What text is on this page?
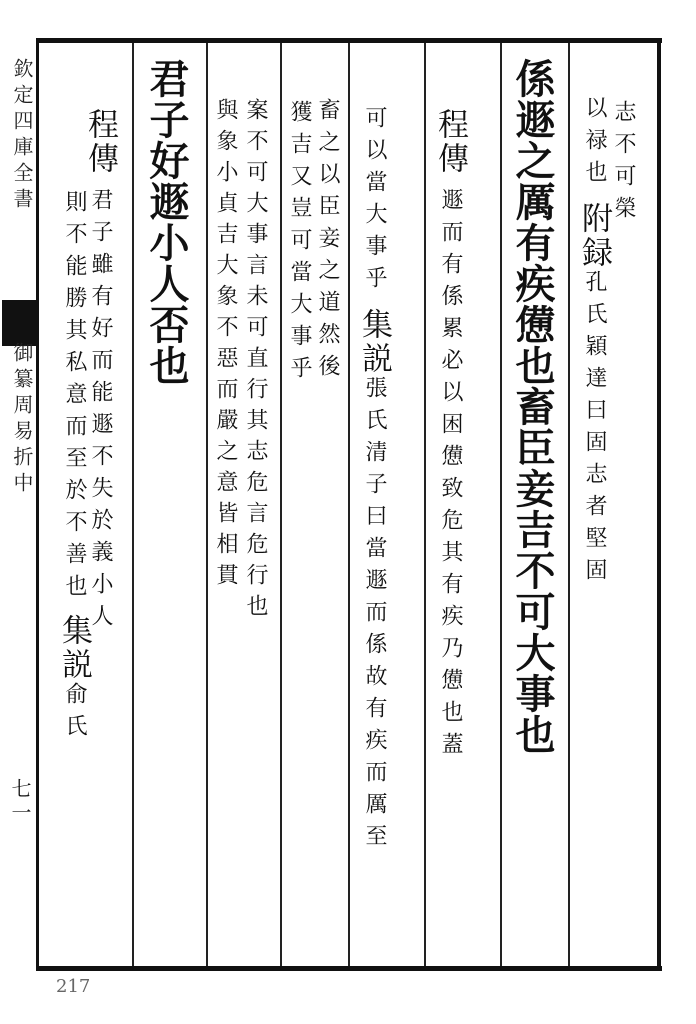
欽定四庫全書
御纂周易折中
七一
217
志不可榮
以禄也附録孔氏穎達曰固志者堅固
係遯之厲有疾憊也畜臣妾吉不可大事也
程傳遯而有係累必以困憊致危其有疾乃憊也蓋
可以當大事乎集説張氏清子曰當遯而係故有疾而厲至
畜之以臣妾之道然後
獲吉又豈可當大事乎
案不可大事言未可直行其志危言危行也
與象小貞吉大象不惡而嚴之意皆相貫
君子好遯小人否也
程傳君子雖有好而能遯不失於義小人
則不能勝其私意而至於不善也集説俞氏
